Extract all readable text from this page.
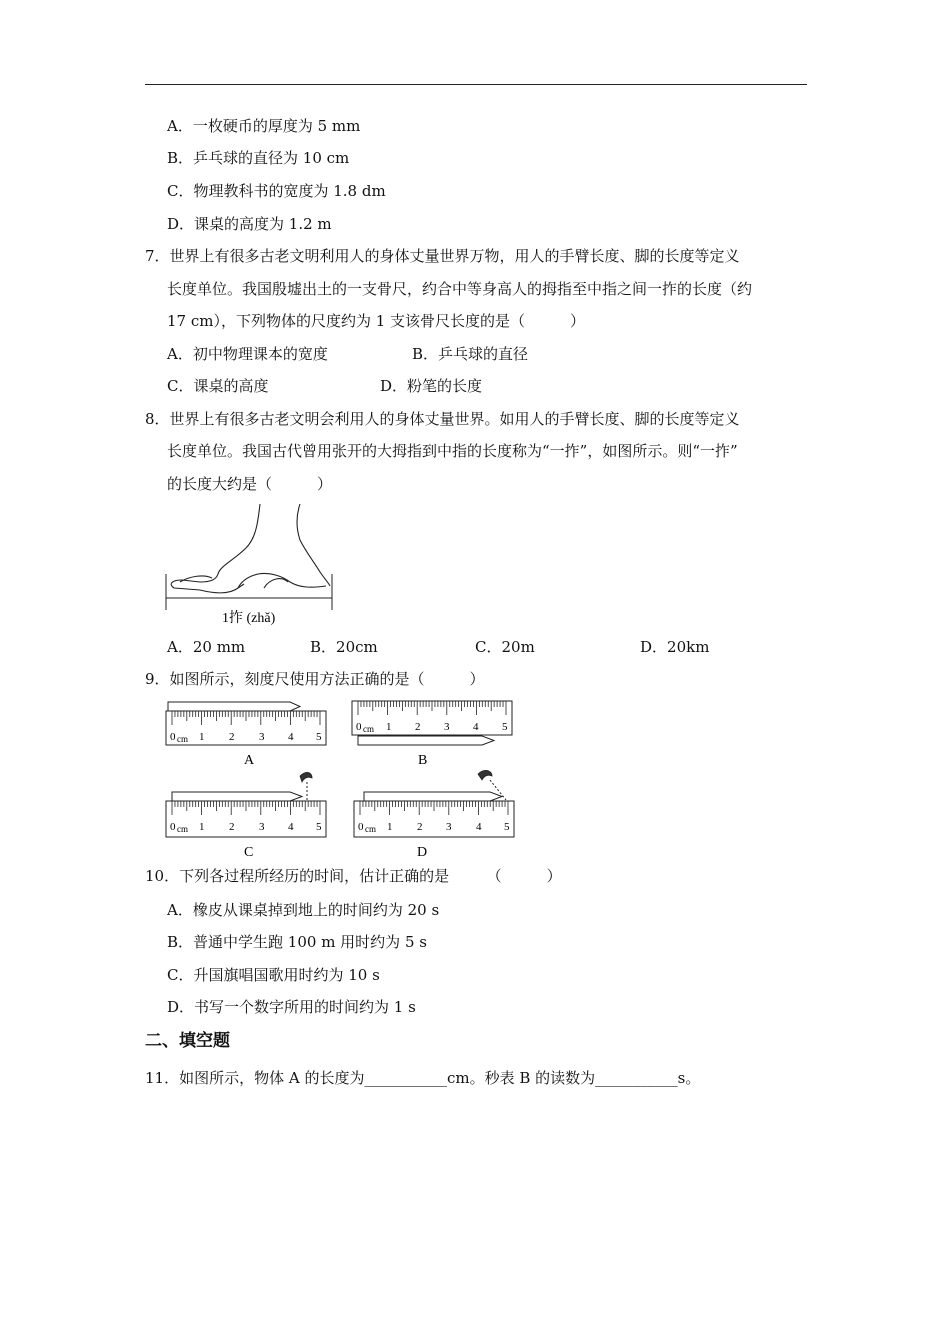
A．一枚硬币的厚度为 5 mm
B．乒乓球的直径为 10 cm
C．物理教科书的宽度为 1.8 dm
D．课桌的高度为 1.2 m
7．世界上有很多古老文明利用人的身体丈量世界万物，用人的手臂长度、脚的长度等定义
长度单位。我国殷墟出土的一支骨尺，约合中等身高人的拇指至中指之间一拃的长度（约
17 cm），下列物体的尺度约为 1 支该骨尺长度的是（　　　）
A．初中物理课本的宽度	B．乒乓球的直径
C．课桌的高度	D．粉笔的长度
8．世界上有很多古老文明会利用人的身体丈量世界。如用人的手臂长度、脚的长度等定义
长度单位。我国古代曾用张开的大拇指到中指的长度称为“一拃”，如图所示。则“一拃”
的长度大约是（　　　）
1拃 (zhǎ)
A．20 mm	B．20cm	C．20m	D．20km
9．如图所示，刻度尺使用方法正确的是（　　　）
0 cm 1 2 3 4 5
A
0 cm 1 2 3 4 5
B
0 cm 1 2 3 4 5
C
0 cm 1 2 3 4 5
D
10．下列各过程所经历的时间，估计正确的是　　　（　　　）
A．橡皮从课桌掉到地上的时间约为 20 s
B．普通中学生跑 100 m 用时约为 5 s
C．升国旗唱国歌用时约为 10 s
D．书写一个数字所用的时间约为 1 s
二、填空题
11．如图所示，物体 A 的长度为___________cm。秒表 B 的读数为___________s。
